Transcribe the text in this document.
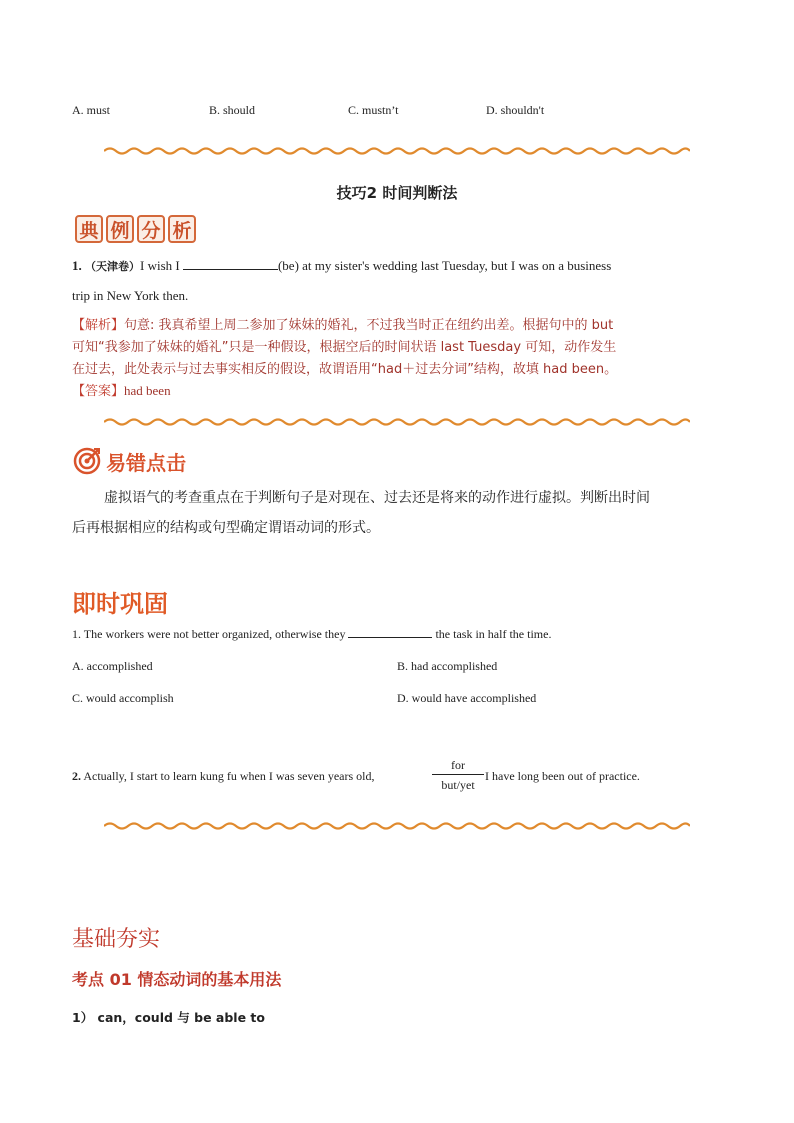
A. must	B. should	C. mustn’t	D. shouldn't
技巧2 时间判断法
典 例 分 析
1. （天津卷）I wish I	(be) at my sister's wedding last Tuesday, but I was on a business
trip in New York then.
【解析】句意: 我真希望上周二参加了妹妹的婚礼，不过我当时正在纽约出差。根据句中的 but
可知“我参加了妹妹的婚礼”只是一种假设，根据空后的时间状语 last Tuesday 可知，动作发生
在过去，此处表示与过去事实相反的假设，故谓语用“had＋过去分词”结构，故填 had been。
【答案】had been
易错点击
虚拟语气的考查重点在于判断句子是对现在、过去还是将来的动作进行虚拟。判断出时间
后再根据相应的结构或句型确定谓语动词的形式。
即时巩固
1. The workers were not better organized, otherwise they	the task in half the time.
A. accomplished	B. had accomplished
C. would accomplish	D. would have accomplished
2. Actually, I start to learn kung fu when I was seven years old,
for
but/yet
I have long been out of practice.
基础夯实
考点 01 情态动词的基本用法
1） can，could 与 be able to
